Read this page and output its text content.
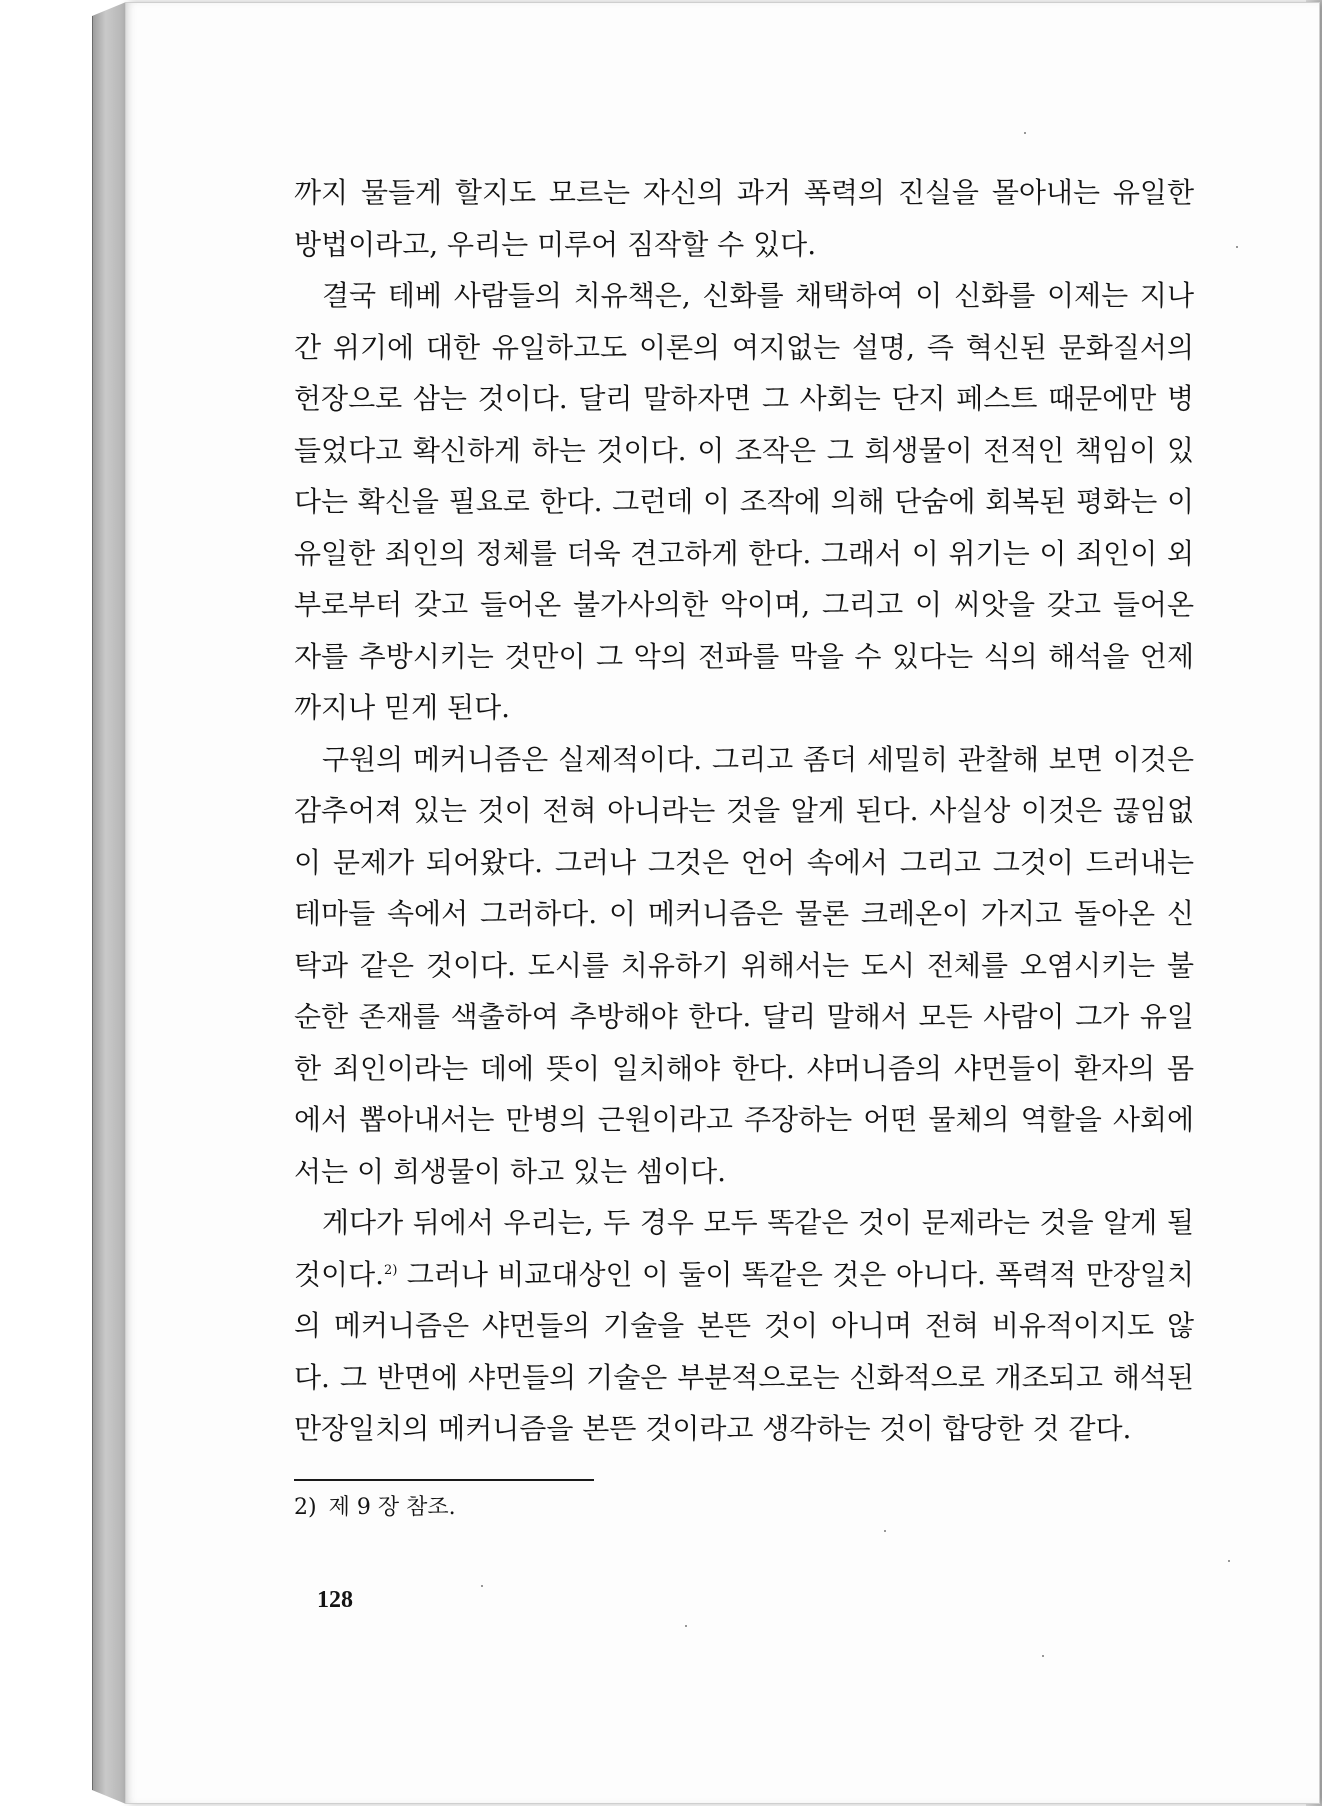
까지 물들게 할지도 모르는 자신의 과거 폭력의 진실을 몰아내는 유일한 방법이라고, 우리는 미루어 짐작할 수 있다.

결국 테베 사람들의 치유책은, 신화를 채택하여 이 신화를 이제는 지나간 위기에 대한 유일하고도 이론의 여지없는 설명, 즉 혁신된 문화질서의 헌장으로 삼는 것이다. 달리 말하자면 그 사회는 단지 페스트 때문에만 병들었다고 확신하게 하는 것이다. 이 조작은 그 희생물이 전적인 책임이 있다는 확신을 필요로 한다. 그런데 이 조작에 의해 단숨에 회복된 평화는 이 유일한 죄인의 정체를 더욱 견고하게 한다. 그래서 이 위기는 이 죄인이 외부로부터 갖고 들어온 불가사의한 악이며, 그리고 이 씨앗을 갖고 들어온 자를 추방시키는 것만이 그 악의 전파를 막을 수 있다는 식의 해석을 언제까지나 믿게 된다.

구원의 메커니즘은 실제적이다. 그리고 좀더 세밀히 관찰해 보면 이것은 감추어져 있는 것이 전혀 아니라는 것을 알게 된다. 사실상 이것은 끊임없이 문제가 되어왔다. 그러나 그것은 언어 속에서 그리고 그것이 드러내는 테마들 속에서 그러하다. 이 메커니즘은 물론 크레온이 가지고 돌아온 신탁과 같은 것이다. 도시를 치유하기 위해서는 도시 전체를 오염시키는 불순한 존재를 색출하여 추방해야 한다. 달리 말해서 모든 사람이 그가 유일한 죄인이라는 데에 뜻이 일치해야 한다. 샤머니즘의 샤먼들이 환자의 몸에서 뽑아내서는 만병의 근원이라고 주장하는 어떤 물체의 역할을 사회에서는 이 희생물이 하고 있는 셈이다.

게다가 뒤에서 우리는, 두 경우 모두 똑같은 것이 문제라는 것을 알게 될 것이다.$^{2)}$ 그러나 비교대상인 이 둘이 똑같은 것은 아니다. 폭력적 만장일치의 메커니즘은 샤먼들의 기술을 본뜬 것이 아니며 전혀 비유적이지도 않다. 그 반면에 샤먼들의 기술은 부분적으로는 신화적으로 개조되고 해석된 만장일치의 메커니즘을 본뜬 것이라고 생각하는 것이 합당한 것 같다.

2) 제 9 장 참조.
128
